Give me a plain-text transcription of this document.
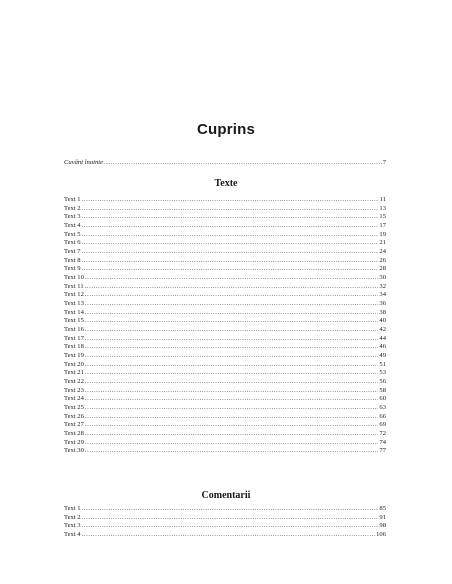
Cuprins
Cuvânt înainte .....	7
Texte
Text 1 .....	11
Text 2 .....	13
Text 3 .....	15
Text 4 .....	17
Text 5 .....	19
Text 6 .....	21
Text 7 .....	24
Text 8 .....	26
Text 9 .....	28
Text 10 .....	30
Text 11 .....	32
Text 12 .....	34
Text 13 .....	36
Text 14 .....	38
Text 15 .....	40
Text 16 .....	42
Text 17 .....	44
Text 18 .....	46
Text 19 .....	49
Text 20 .....	51
Text 21 .....	53
Text 22 .....	56
Text 23 .....	58
Text 24 .....	60
Text 25 .....	63
Text 26 .....	66
Text 27 .....	69
Text 28 .....	72
Text 29 .....	74
Text 30 .....	77
Comentarii
Text 1 .....	85
Text 2 .....	91
Text 3 .....	98
Text 4 .....	106
